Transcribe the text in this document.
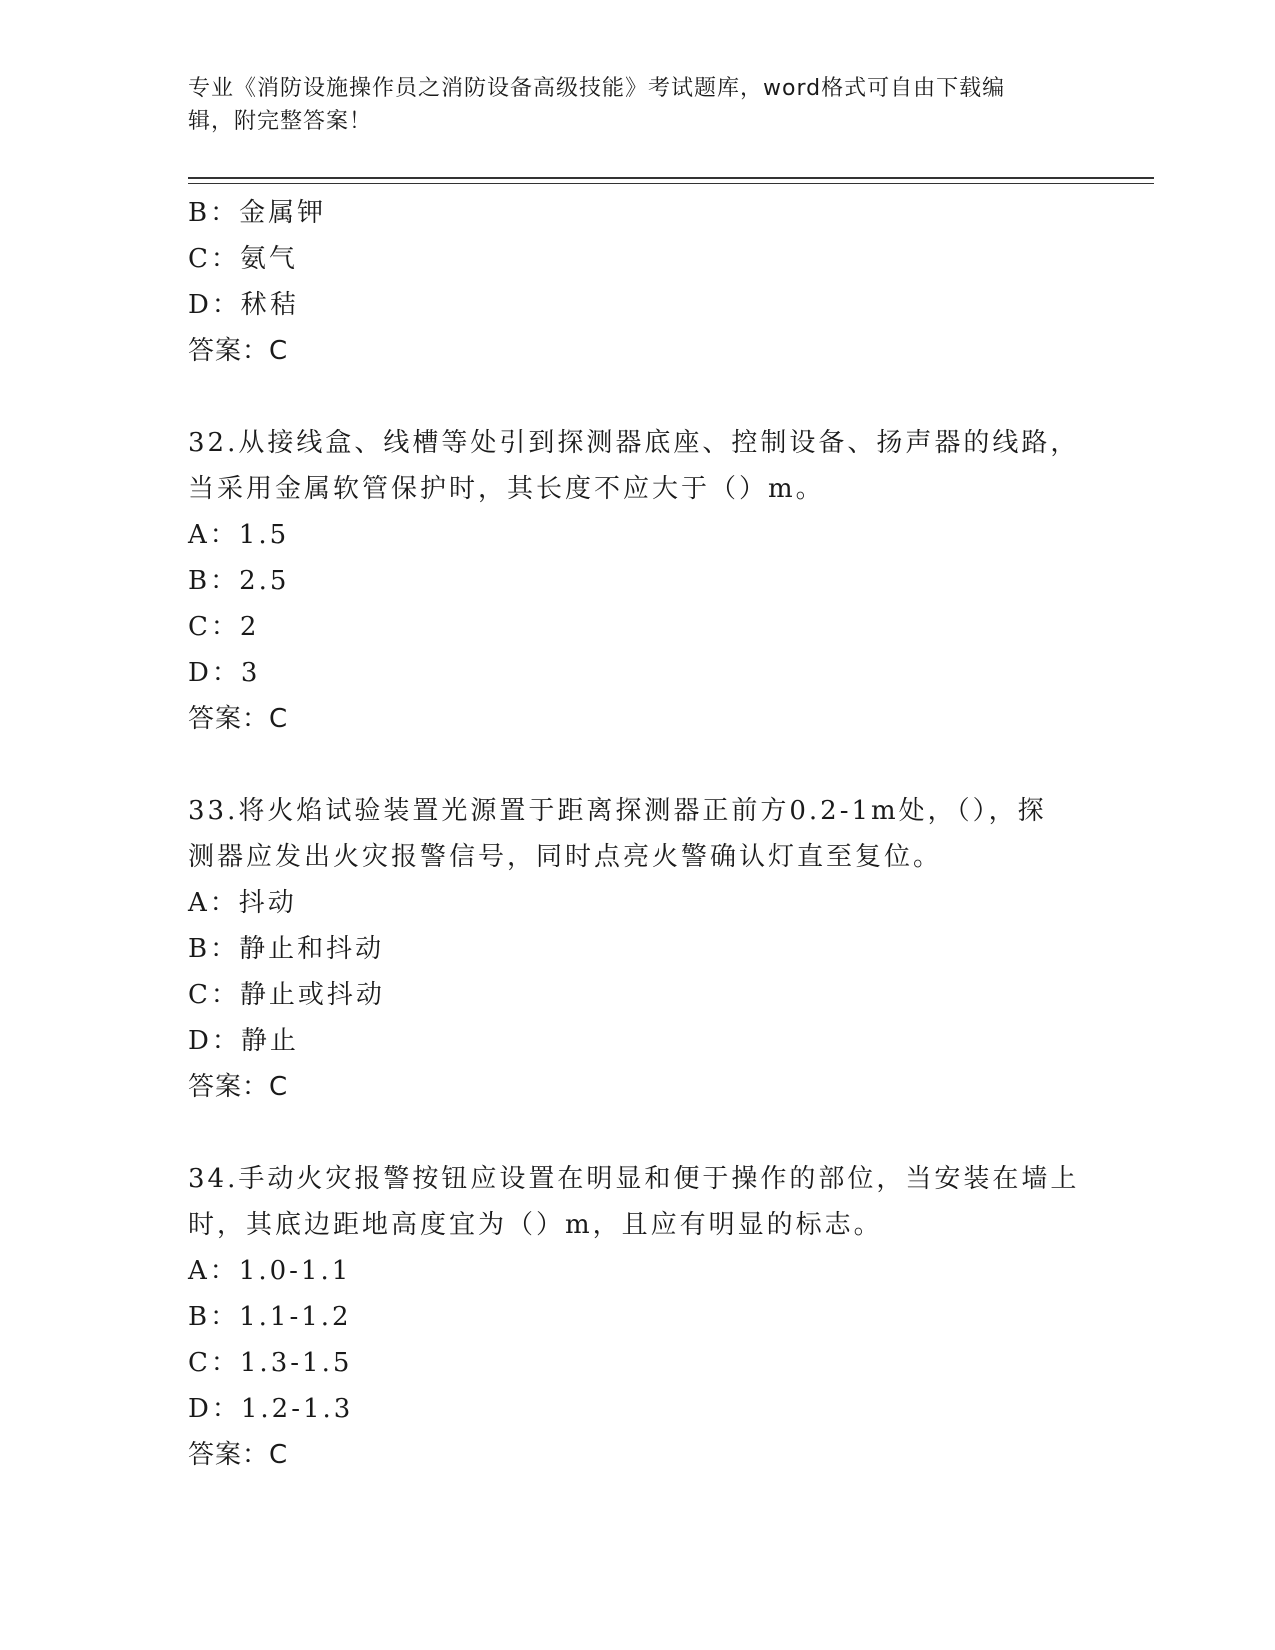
专业《消防设施操作员之消防设备高级技能》考试题库，word格式可自由下载编
辑，附完整答案！
B：金属钾
C：氨气
D：秫秸
答案：C
32.从接线盒、线槽等处引到探测器底座、控制设备、扬声器的线路，
当采用金属软管保护时，其长度不应大于（）m。
A：1.5
B：2.5
C：2
D：3
答案：C
33.将火焰试验装置光源置于距离探测器正前方0.2-1m处，（），探
测器应发出火灾报警信号，同时点亮火警确认灯直至复位。
A：抖动
B：静止和抖动
C：静止或抖动
D：静止
答案：C
34.手动火灾报警按钮应设置在明显和便于操作的部位，当安装在墙上
时，其底边距地高度宜为（）m，且应有明显的标志。
A：1.0-1.1
B：1.1-1.2
C：1.3-1.5
D：1.2-1.3
答案：C
